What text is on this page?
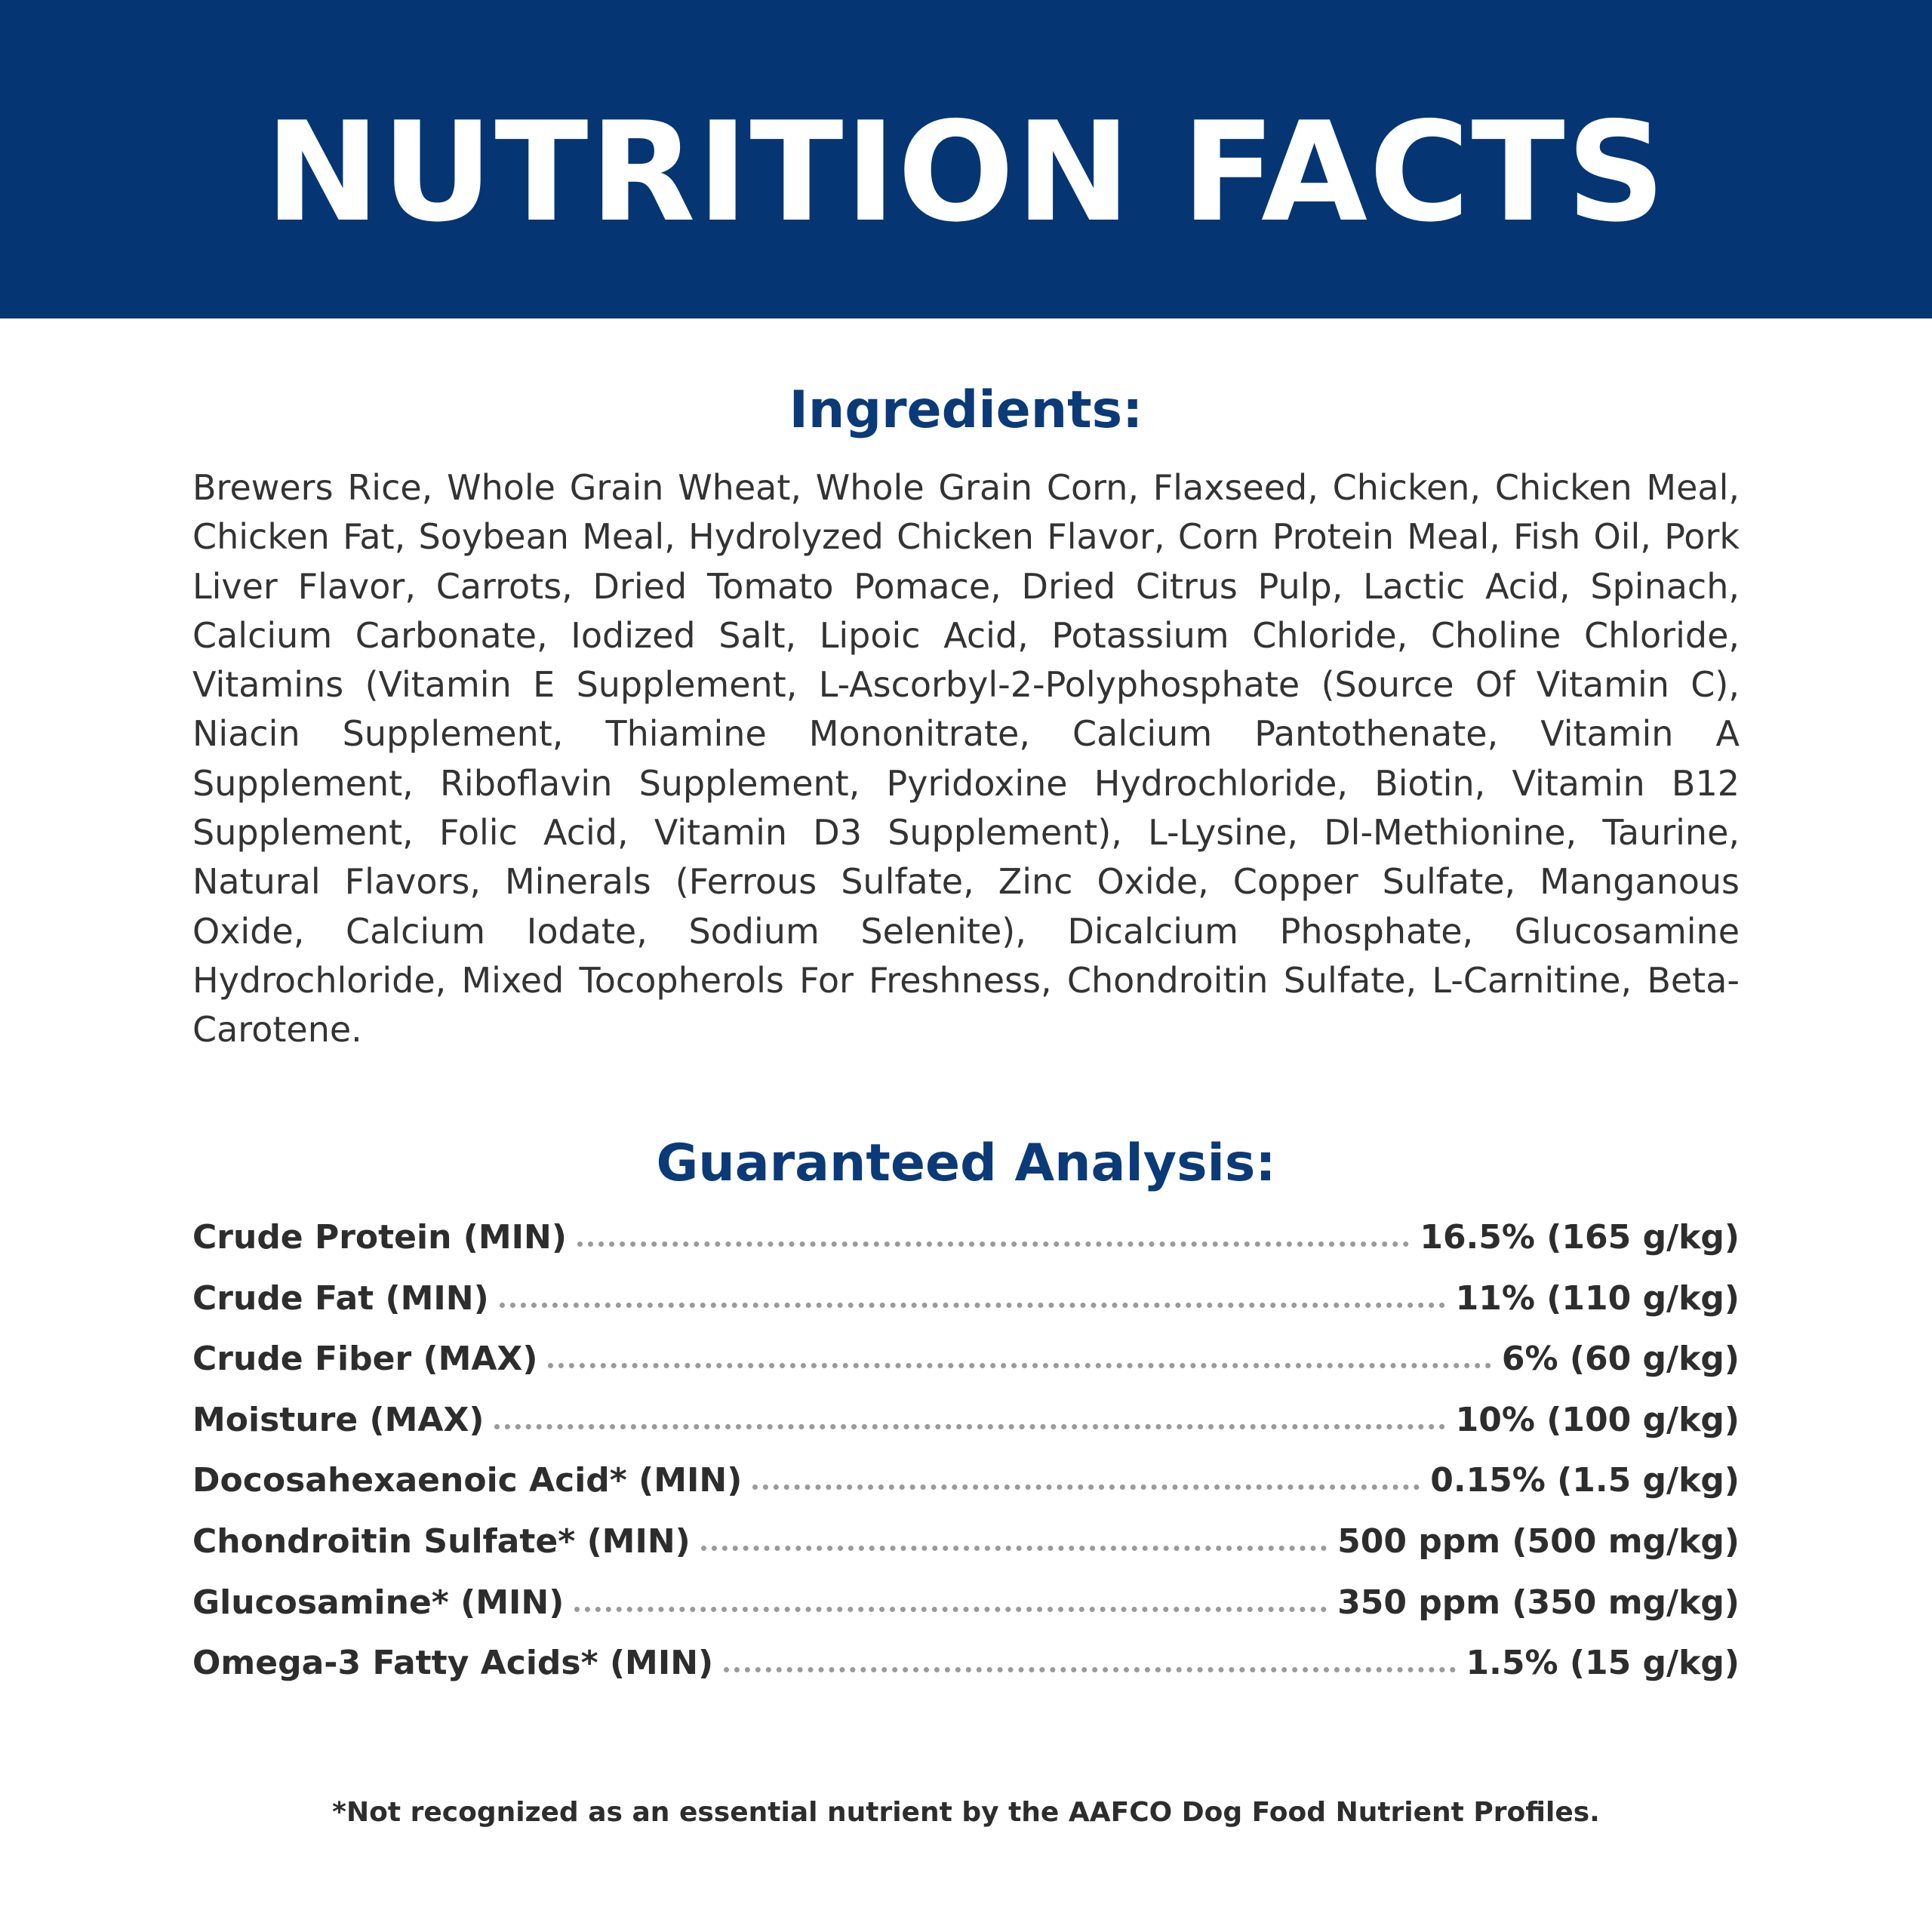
NUTRITION FACTS
Ingredients:

Brewers Rice, Whole Grain Wheat, Whole Grain Corn, Flaxseed, Chicken, Chicken Meal, Chicken Fat, Soybean Meal, Hydrolyzed Chicken Flavor, Corn Protein Meal, Fish Oil, Pork Liver Flavor, Carrots, Dried Tomato Pomace, Dried Citrus Pulp, Lactic Acid, Spinach, Calcium Carbonate, Iodized Salt, Lipoic Acid, Potassium Chloride, Choline Chloride, Vitamins (Vitamin E Supplement, L-Ascorbyl-2-Polyphosphate (Source Of Vitamin C), Niacin Supplement, Thiamine Mononitrate, Calcium Pantothenate, Vitamin A Supplement, Riboflavin Supplement, Pyridoxine Hydrochloride, Biotin, Vitamin B12 Supplement, Folic Acid, Vitamin D3 Supplement), L-Lysine, Dl-Methionine, Taurine, Natural Flavors, Minerals (Ferrous Sulfate, Zinc Oxide, Copper Sulfate, Manganous Oxide, Calcium Iodate, Sodium Selenite), Dicalcium Phosphate, Glucosamine Hydrochloride, Mixed Tocopherols For Freshness, Chondroitin Sulfate, L-Carnitine, Beta-Carotene.

Guaranteed Analysis:
Crude Protein (MIN)	16.5% (165 g/kg)
Crude Fat (MIN)	11% (110 g/kg)
Crude Fiber (MAX)	6% (60 g/kg)
Moisture (MAX)	10% (100 g/kg)
Docosahexaenoic Acid* (MIN)	0.15% (1.5 g/kg)
Chondroitin Sulfate* (MIN)	500 ppm (500 mg/kg)
Glucosamine* (MIN)	350 ppm (350 mg/kg)
Omega-3 Fatty Acids* (MIN)	1.5% (15 g/kg)
*Not recognized as an essential nutrient by the AAFCO Dog Food Nutrient Profiles.
